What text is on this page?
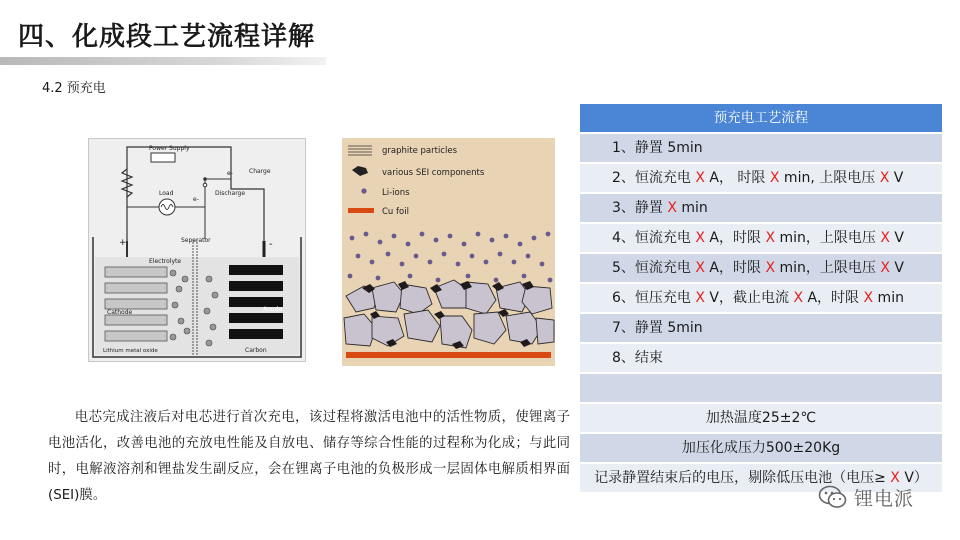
四、化成段工艺流程详解
4.2 预充电
Power Supply
Load
Charge
Discharge
e-
e-
+	-
Separator
Electrolyte
Cathode
Lithium metal oxide
Anode
Carbon
graphite particles
various SEI components
Li-ions
Cu foil
电芯完成注液后对电芯进行首次充电，该过程将激活电池中的活性物质，使锂离子电池活化，改善电池的充放电性能及自放电、储存等综合性能的过程称为化成；与此同时，电解液溶剂和锂盐发生副反应，会在锂离子电池的负极形成一层固体电解质相界面(SEI)膜。
预充电工艺流程
1、静置 5min
2、恒流充电 X A， 时限 X min, 上限电压 X V
3、静置 X min
4、恒流充电 X A，时限 X min，上限电压 X V
5、恒流充电 X A，时限 X min，上限电压 X V
6、恒压充电 X V，截止电流 X A，时限 X min
7、静置 5min
8、结束
加热温度25±2℃
加压化成压力500±20Kg
记录静置结束后的电压，剔除低压电池（电压≥ X V）
锂电派
